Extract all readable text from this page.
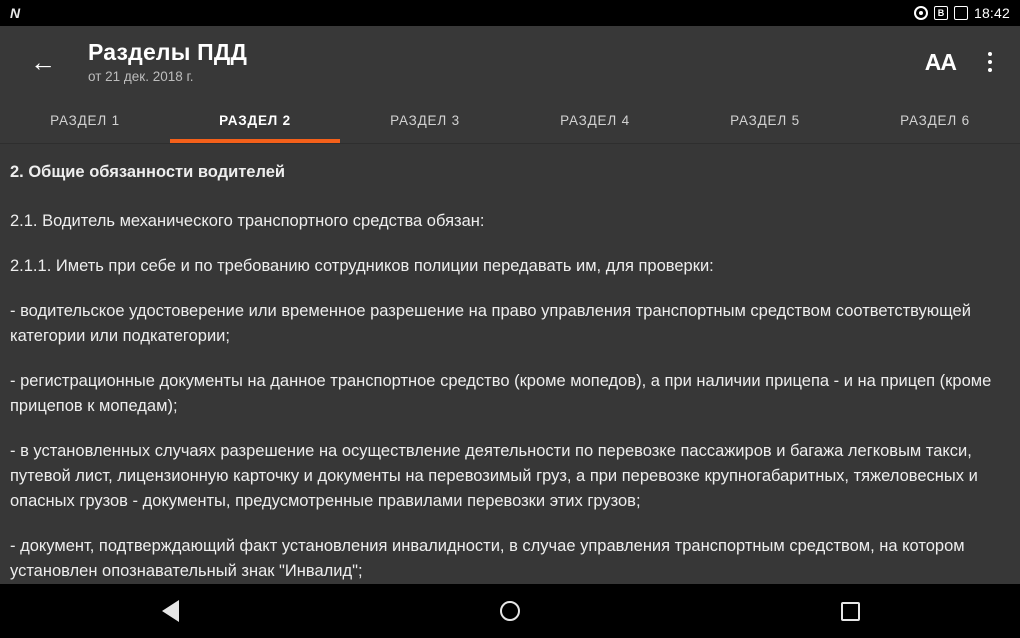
N	B 18:42
← Разделы ПДД
от 21 дек. 2018 г.
AA
РАЗДЕЛ 1	РАЗДЕЛ 2	РАЗДЕЛ 3	РАЗДЕЛ 4	РАЗДЕЛ 5	РАЗДЕЛ 6

2. Общие обязанности водителей

2.1. Водитель механического транспортного средства обязан:

2.1.1. Иметь при себе и по требованию сотрудников полиции передавать им, для проверки:

- водительское удостоверение или временное разрешение на право управления транспортным средством соответствующей категории или подкатегории;

- регистрационные документы на данное транспортное средство (кроме мопедов), а при наличии прицепа - и на прицеп (кроме прицепов к мопедам);

- в установленных случаях разрешение на осуществление деятельности по перевозке пассажиров и багажа легковым такси, путевой лист, лицензионную карточку и документы на перевозимый груз, а при перевозке крупногабаритных, тяжеловесных и опасных грузов - документы, предусмотренные правилами перевозки этих грузов;

- документ, подтверждающий факт установления инвалидности, в случае управления транспортным средством, на котором установлен опознавательный знак "Инвалид";
